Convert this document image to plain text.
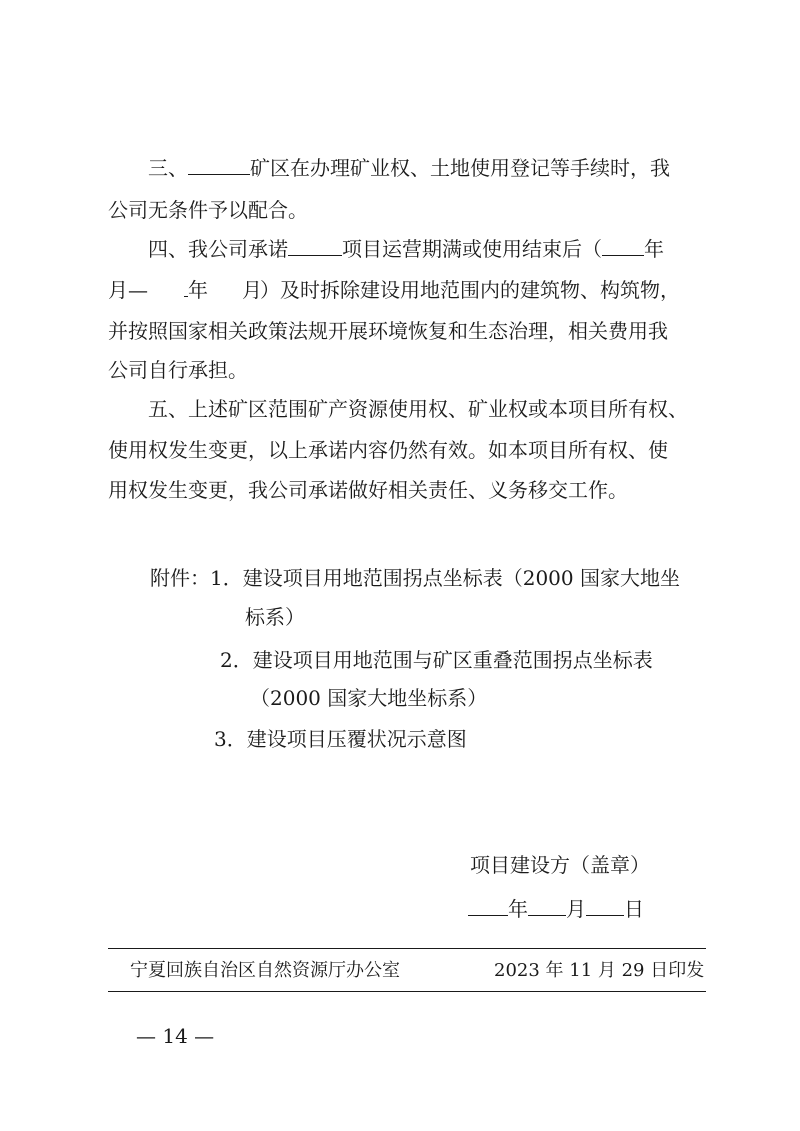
三、	矿区在办理矿业权、土地使用登记等手续时，我
公司无条件予以配合。
四、我公司承诺	项目运营期满或使用结束后（ 年
月— 年 月）及时拆除建设用地范围内的建筑物、构筑物，
并按照国家相关政策法规开展环境恢复和生态治理，相关费用我
公司自行承担。
五、上述矿区范围矿产资源使用权、矿业权或本项目所有权、
使用权发生变更，以上承诺内容仍然有效。如本项目所有权、使
用权发生变更，我公司承诺做好相关责任、义务移交工作。
附件：1．建设项目用地范围拐点坐标表（2000 国家大地坐
标系）
2．建设项目用地范围与矿区重叠范围拐点坐标表
（2000 国家大地坐标系）
3．建设项目压覆状况示意图
项目建设方（盖章）
年 月 日
宁夏回族自治区自然资源厅办公室	2023 年 11 月 29 日印发
— 14 —
